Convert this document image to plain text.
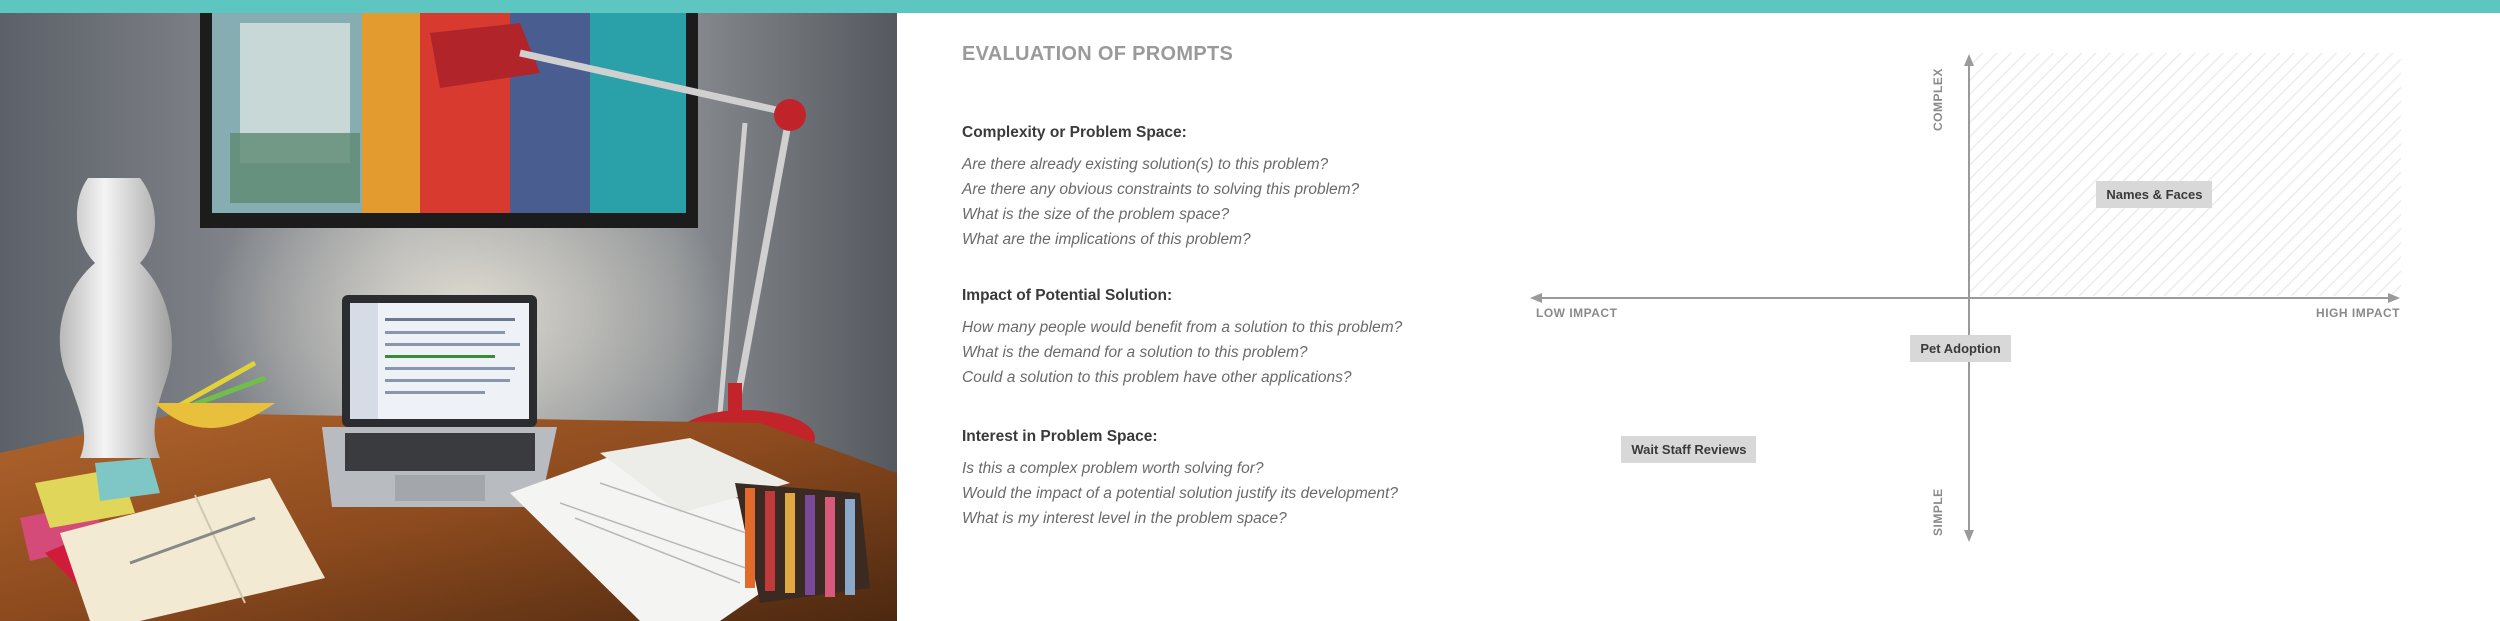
EVALUATION OF PROMPTS
Complexity or Problem Space:
Are there already existing solution(s) to this problem?
Are there any obvious constraints to solving this problem?
What is the size of the problem space?
What are the implications of this problem?
Impact of Potential Solution:
How many people would benefit from a solution to this problem?
What is the demand for a solution to this problem?
Could a solution to this problem have other applications?
Interest in Problem Space:
Is this a complex problem worth solving for?
Would the impact of a potential solution justify its development?
What is my interest level in the problem space?
LOW IMPACT	HIGH IMPACT
COMPLEX
SIMPLE
Names & Faces
Pet Adoption
Wait Staff Reviews
